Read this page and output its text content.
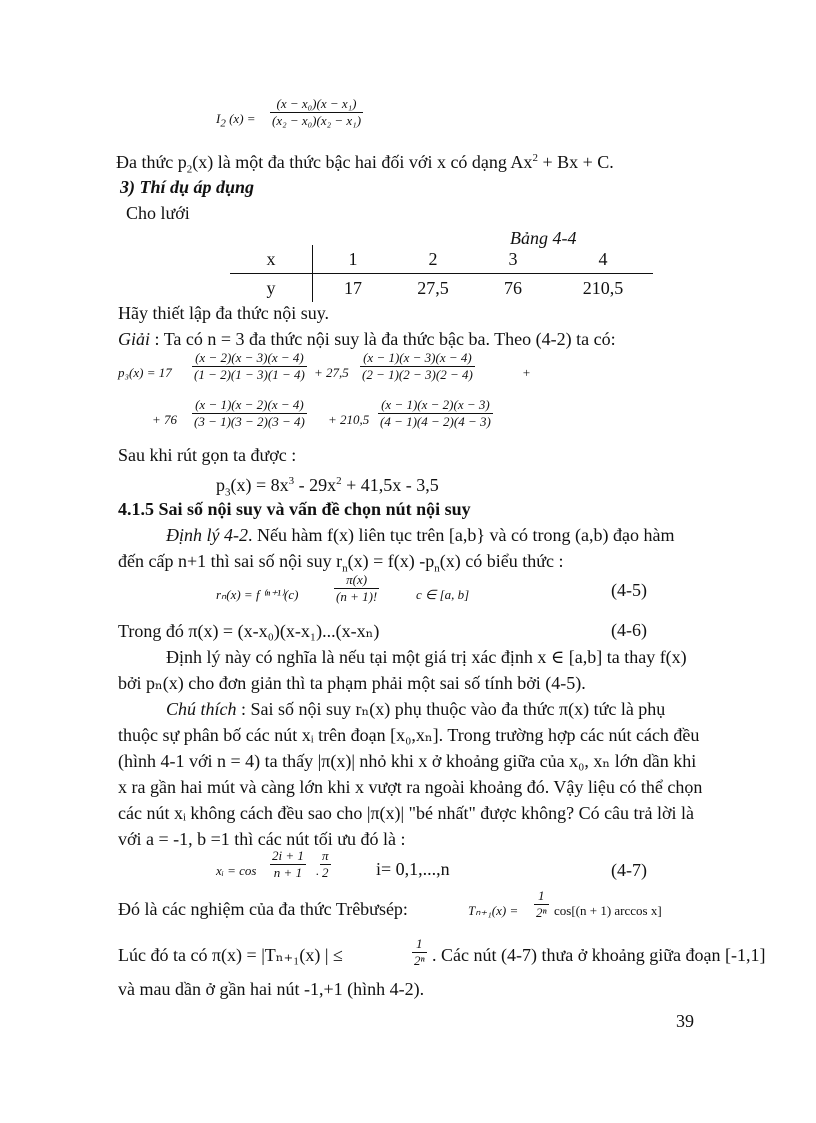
$I_2$ (x) =	$\frac{\text{(x − x₀)(x − x₁)}}{\text{(x₂ − x₀)(x₂ − x₁)}}$
Đa thức $p_2(x)$ là một đa thức bậc hai đối với x có dạng $Ax^2 + Bx + C$.
3) Thí dụ áp dụng
Cho lưới
Bảng 4-4
x	1	2	3	4
y	17	27,5	76	210,5
Hãy thiết lập đa thức nội suy.
Giải : Ta có n = 3 đa thức nội suy là đa thức bậc ba. Theo (4-2) ta có:
$p_3(x) = 17 \frac{(x - 2)(x - 3)(x - 4)}{(1 - 2)(1 - 3)(1 - 4)} + 27,5 \frac{(x - 1)(x - 3)(x - 4)}{(2 - 1)(2 - 3)(2 - 4)}$	+
+ $76 \frac{(x - 1)(x - 2)(x - 4)}{(3 - 1)(3 - 2)(3 - 4)} + 210,5 \frac{(x - 1)(x - 2)(x - 3)}{(4 - 1)(4 - 2)(4 - 3)}$
Sau khi rút gọn ta được :
$p_3(x) = 8x^3 - 29x^2 + 41,5x - 3,5$
4.1.5 Sai số nội suy và vấn đề chọn nút nội suy
Định lý 4-2. Nếu hàm f(x) liên tục trên [a,b} và có trong (a,b) đạo hàm
đến cấp n+1 thì sai số nội suy $r_n(x) = f(x)$ $-p_n(x)$ có biểu thức :
rₙ(x) = f ⁽ⁿ⁺¹⁾(c)	$\frac{\pi(x)}{(n + 1)!}$	c ∈ [a, b]	(4-5)
Trong đó π(x) = (x-x₀)(x-x₁)...(x-xₙ)	(4-6)
Định lý này có nghĩa là nếu tại một giá trị xác định x ∈ [a,b] ta thay f(x)
bởi pₙ(x) cho đơn giản thì ta phạm phải một sai số tính bởi (4-5).
Chú thích : Sai số nội suy rₙ(x) phụ thuộc vào đa thức π(x) tức là phụ
thuộc sự phân bố các nút xᵢ trên đoạn [x₀,xₙ]. Trong trường hợp các nút cách đều
(hình 4-1 với n = 4) ta thấy |π(x)| nhỏ khi x ở khoảng giữa của x₀, xₙ lớn dần khi
x ra gần hai mút và càng lớn khi x vượt ra ngoài khoảng đó. Vậy liệu có thể chọn
các nút xᵢ không cách đều sao cho |π(x)| "bé nhất" được không? Có câu trả lời là
với a = -1, b =1 thì các nút tối ưu đó là :
xᵢ = $\cos \frac{2i + 1}{n + 1}$ . $\frac{\pi}{2}$	i= 0,1,...,n	(4-7)
Đó là các nghiệm của đa thức Trêbưsép:	$T_{n+1}(x) = \frac{1}{\text{2ⁿ}} \cos[(n + 1)$ arccos x]
Lúc đó ta có π(x) = |Tₙ₊₁(x) | ≤	$\frac{1}{\text{2ⁿ}}$ . Các nút (4-7) thưa ở khoảng giữa đoạn [-1,1]
và mau dần ở gần hai nút -1,+1 (hình 4-2).
39
